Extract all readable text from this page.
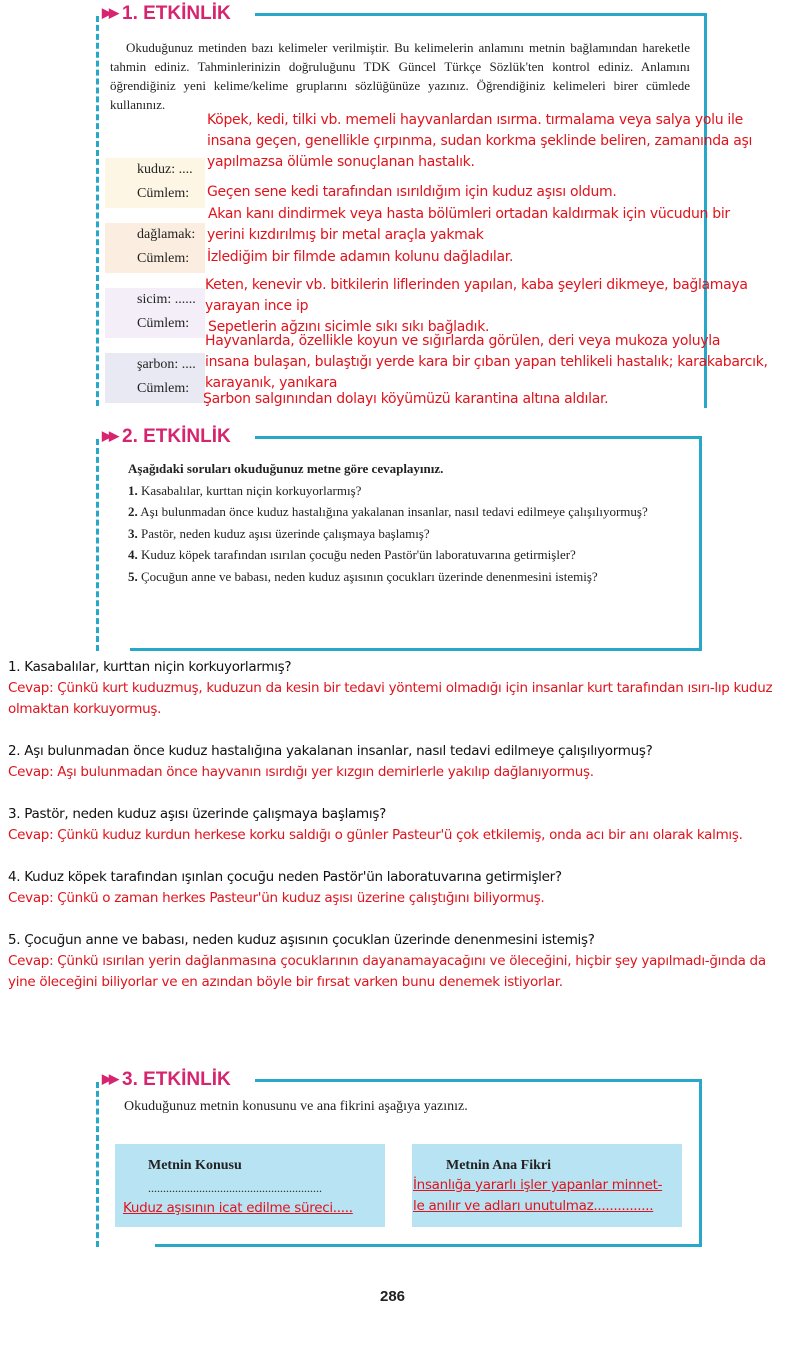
▶▶ 1. ETKİNLİK
Okuduğunuz metinden bazı kelimeler verilmiştir. Bu kelimelerin anlamını metnin bağlamından hareketle tahmin ediniz. Tahminlerinizin doğruluğunu TDK Güncel Türkçe Sözlük'ten kontrol ediniz. Anlamını öğrendiğiniz yeni kelime/kelime gruplarını sözlüğünüze yazınız. Öğrendiğiniz kelimeleri birer cümlede kullanınız.
kuduz: ....
Cümlem:
dağlamak:
Cümlem:
sicim: ......
Cümlem:
şarbon: ....
Cümlem:
Köpek, kedi, tilki vb. memeli hayvanlardan ısırma. tırmalama veya salya yolu ile
insana geçen, genellikle çırpınma, sudan korkma şeklinde beliren, zamanında aşı
yapılmazsa ölümle sonuçlanan hastalık.
Geçen sene kedi tarafından ısırıldığım için kuduz aşısı oldum.
Akan kanı dindirmek veya hasta bölümleri ortadan kaldırmak için vücudun bir
yerini kızdırılmış bir metal araçla yakmak
İzlediğim bir filmde adamın kolunu dağladılar.
Keten, kenevir vb. bitkilerin liflerinden yapılan, kaba şeyleri dikmeye, bağlamaya
yarayan ince ip
Sepetlerin ağzını sicimle sıkı sıkı bağladık.
Hayvanlarda, özellikle koyun ve sığırlarda görülen, deri veya mukoza yoluyla
insana bulaşan, bulaştığı yerde kara bir çıban yapan tehlikeli hastalık; karakabarcık,
karayanık, yanıkara
Şarbon salgınından dolayı köyümüzü karantina altına aldılar.
▶▶ 2. ETKİNLİK
Aşağıdaki soruları okuduğunuz metne göre cevaplayınız.
1. Kasabalılar, kurttan niçin korkuyorlarmış?
2. Aşı bulunmadan önce kuduz hastalığına yakalanan insanlar, nasıl tedavi edilmeye çalışılıyormuş?
3. Pastör, neden kuduz aşısı üzerinde çalışmaya başlamış?
4. Kuduz köpek tarafından ısırılan çocuğu neden Pastör'ün laboratuvarına getirmişler?
5. Çocuğun anne ve babası, neden kuduz aşısının çocukları üzerinde denenmesini istemiş?
1. Kasabalılar, kurttan niçin korkuyorlarmış?
Cevap: Çünkü kurt kuduzmuş, kuduzun da kesin bir tedavi yöntemi olmadığı için insanlar kurt tarafından ısırı-lıp kuduz olmaktan korkuyormuş.
2. Aşı bulunmadan önce kuduz hastalığına yakalanan insanlar, nasıl tedavi edilmeye çalışılıyormuş?
Cevap: Aşı bulunmadan önce hayvanın ısırdığı yer kızgın demirlerle yakılıp dağlanıyormuş.
3. Pastör, neden kuduz aşısı üzerinde çalışmaya başlamış?
Cevap: Çünkü kuduz kurdun herkese korku saldığı o günler Pasteur'ü çok etkilemiş, onda acı bir anı olarak kalmış.
4. Kuduz köpek tarafından ışınlan çocuğu neden Pastör'ün laboratuvarına getirmişler?
Cevap: Çünkü o zaman herkes Pasteur'ün kuduz aşısı üzerine çalıştığını biliyormuş.
5. Çocuğun anne ve babası, neden kuduz aşısının çocuklan üzerinde denenmesini istemiş?
Cevap: Çünkü ısırılan yerin dağlanmasına çocuklarının dayanamayacağını ve öleceğini, hiçbir şey yapılmadı-ğında da yine öleceğini biliyorlar ve en azından böyle bir fırsat varken bunu denemek istiyorlar.
▶▶ 3. ETKİNLİK
Okuduğunuz metnin konusunu ve ana fikrini aşağıya yazınız.
Metnin Konusu
..........................................................
Kuduz aşısının icat edilme süreci.....
Metnin Ana Fikri
İnsanlığa yararlı işler yapanlar minnet-
le anılır ve adları unutulmaz...............
286
